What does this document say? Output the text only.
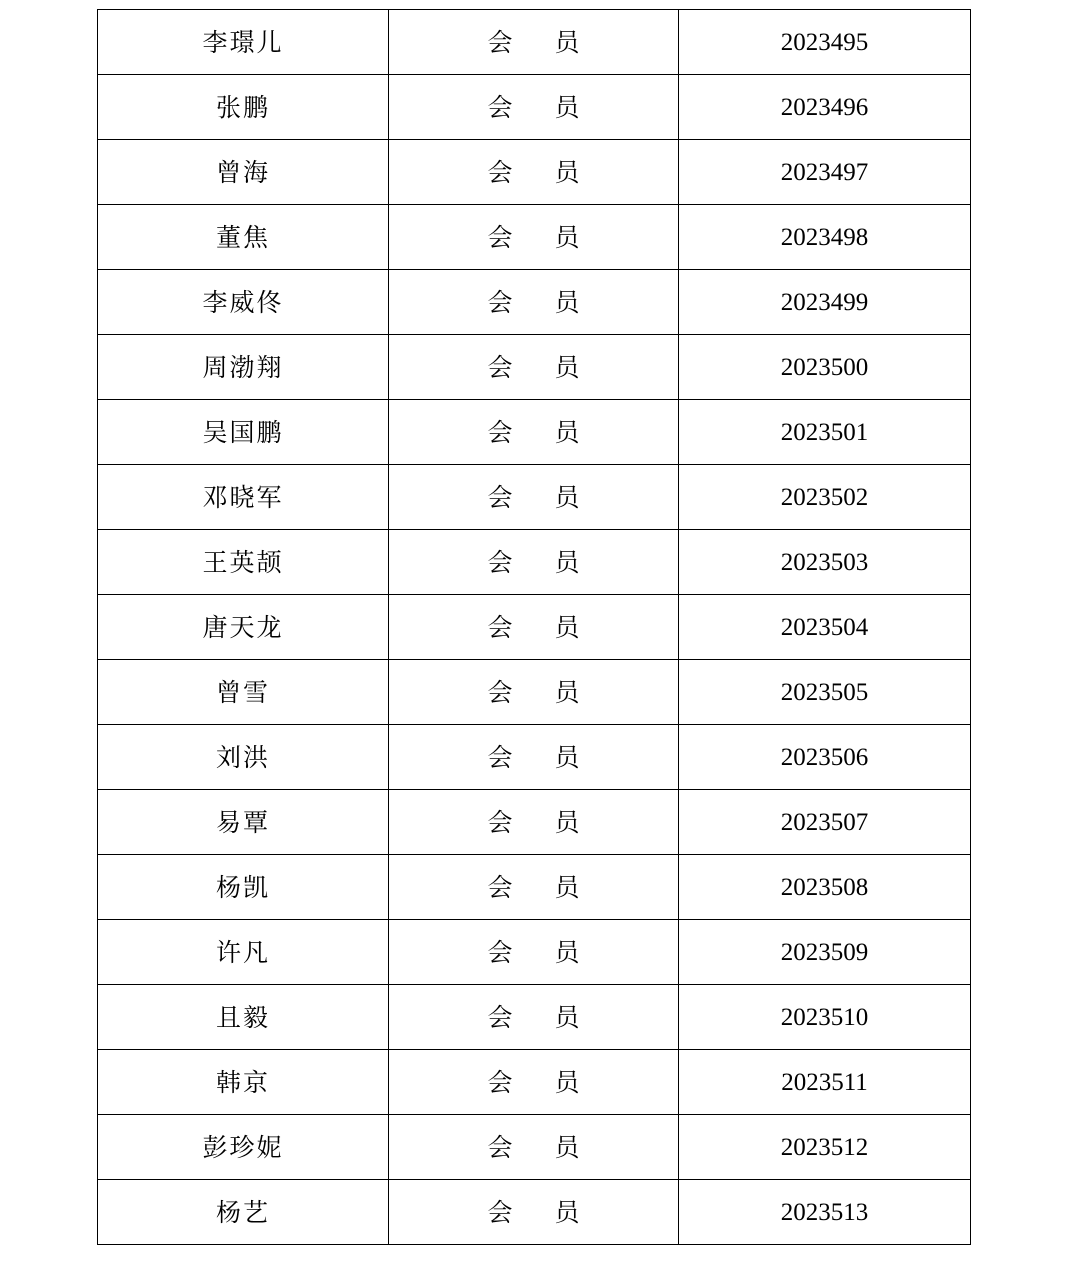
李璟儿	会 员	2023495
张鹏	会 员	2023496
曾海	会 员	2023497
董焦	会 员	2023498
李威佟	会 员	2023499
周渤翔	会 员	2023500
吴国鹏	会 员	2023501
邓晓军	会 员	2023502
王英颉	会 员	2023503
唐天龙	会 员	2023504
曾雪	会 员	2023505
刘洪	会 员	2023506
易覃	会 员	2023507
杨凯	会 员	2023508
许凡	会 员	2023509
且毅	会 员	2023510
韩京	会 员	2023511
彭珍妮	会 员	2023512
杨艺	会 员	2023513
